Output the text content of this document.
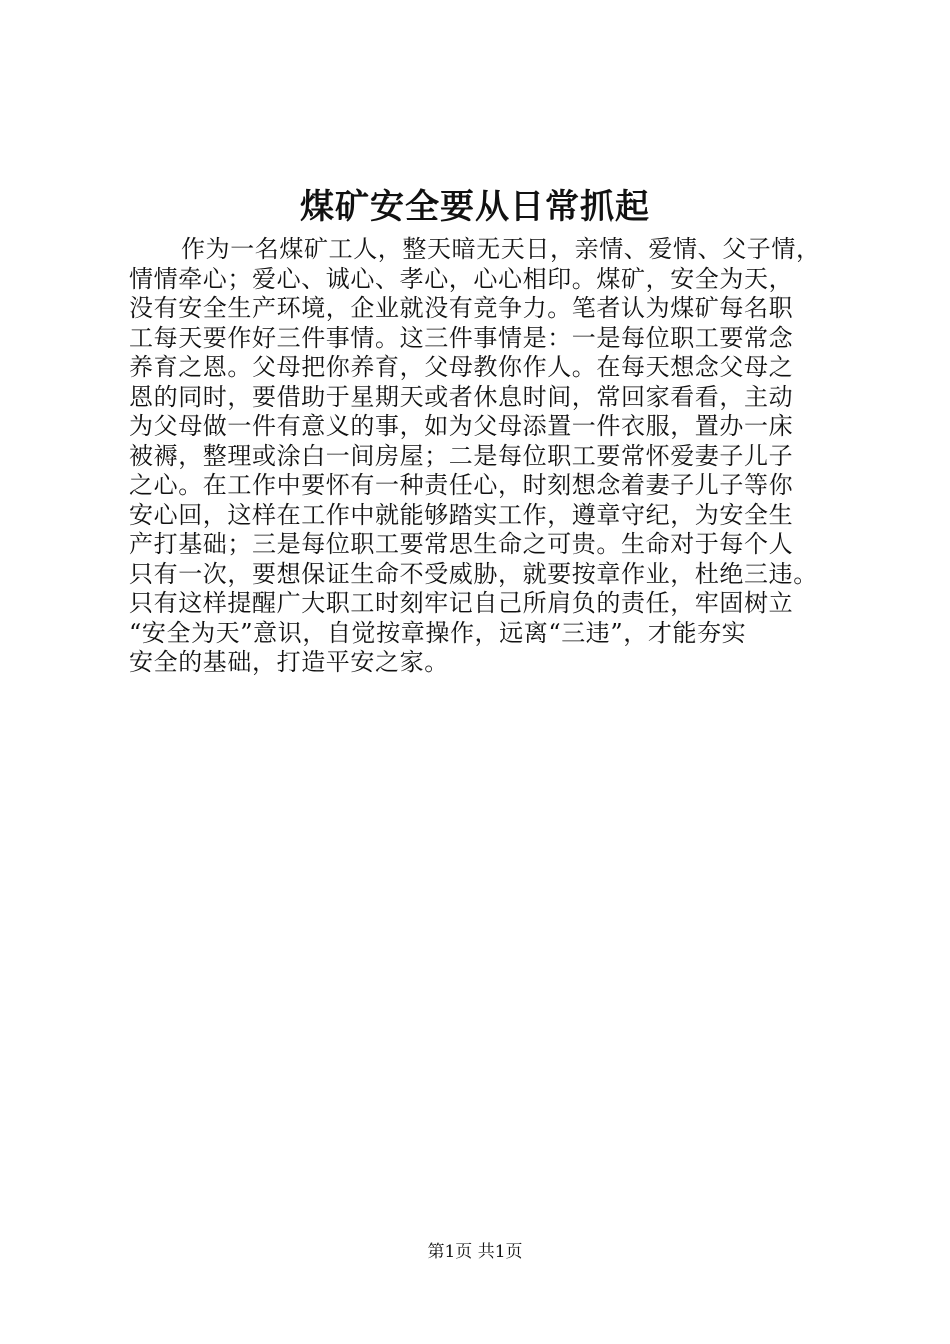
煤矿安全要从日常抓起
作为一名煤矿工人，整天暗无天日，亲情、爱情、父子情，
情情牵心；爱心、诚心、孝心，心心相印。煤矿，安全为天，
没有安全生产环境，企业就没有竞争力。笔者认为煤矿每名职
工每天要作好三件事情。这三件事情是：一是每位职工要常念
养育之恩。父母把你养育，父母教你作人。在每天想念父母之
恩的同时，要借助于星期天或者休息时间，常回家看看，主动
为父母做一件有意义的事，如为父母添置一件衣服，置办一床
被褥，整理或涂白一间房屋；二是每位职工要常怀爱妻子儿子
之心。在工作中要怀有一种责任心，时刻想念着妻子儿子等你
安心回，这样在工作中就能够踏实工作，遵章守纪，为安全生
产打基础；三是每位职工要常思生命之可贵。生命对于每个人
只有一次，要想保证生命不受威胁，就要按章作业，杜绝三违。
只有这样提醒广大职工时刻牢记自己所肩负的责任，牢固树立
“安全为天”意识，自觉按章操作，远离“三违”，才能夯实
安全的基础，打造平安之家。
第1页 共1页
